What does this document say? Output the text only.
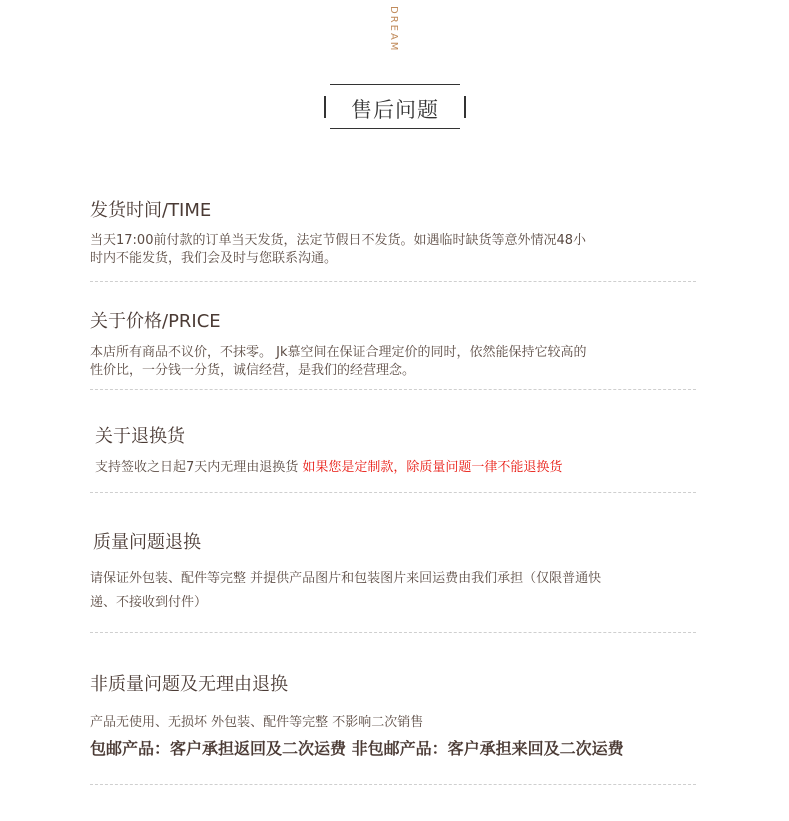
DREAM
售后问题

发货时间/TIME

当天17:00前付款的订单当天发货，法定节假日不发货。如遇临时缺货等意外情况48小

时内不能发货，我们会及时与您联系沟通。

关于价格/PRICE

本店所有商品不议价，不抹零。 Jk慕空间在保证合理定价的同时，依然能保持它较高的

性价比，一分钱一分货，诚信经营，是我们的经营理念。

关于退换货

支持签收之日起7天内无理由退换货 如果您是定制款，除质量问题一律不能退换货

质量问题退换

请保证外包装、配件等完整 并提供产品图片和包装图片来回运费由我们承担（仅限普通快

递、不接收到付件）

非质量问题及无理由退换

产品无使用、无损坏 外包装、配件等完整 不影响二次销售

包邮产品：客户承担返回及二次运费 非包邮产品：客户承担来回及二次运费
